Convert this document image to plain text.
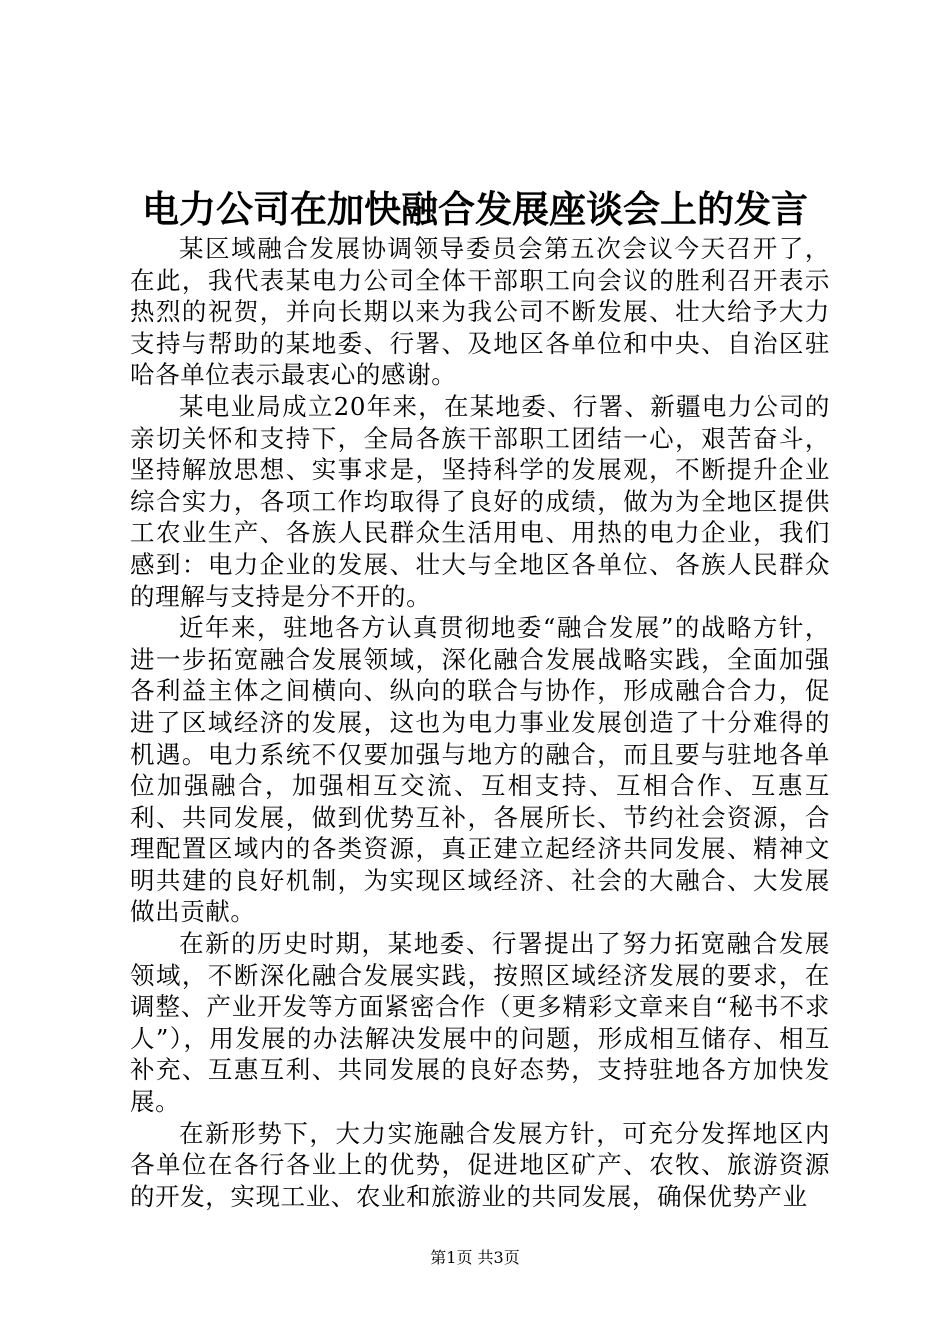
电力公司在加快融合发展座谈会上的发言

某区域融合发展协调领导委员会第五次会议今天召开了，在此，我代表某电力公司全体干部职工向会议的胜利召开表示热烈的祝贺，并向长期以来为我公司不断发展、壮大给予大力支持与帮助的某地委、行署、及地区各单位和中央、自治区驻哈各单位表示最衷心的感谢。

某电业局成立20年来，在某地委、行署、新疆电力公司的亲切关怀和支持下，全局各族干部职工团结一心，艰苦奋斗，坚持解放思想、实事求是，坚持科学的发展观，不断提升企业综合实力，各项工作均取得了良好的成绩，做为为全地区提供工农业生产、各族人民群众生活用电、用热的电力企业，我们感到：电力企业的发展、壮大与全地区各单位、各族人民群众的理解与支持是分不开的。

近年来，驻地各方认真贯彻地委“融合发展”的战略方针，进一步拓宽融合发展领域，深化融合发展战略实践，全面加强各利益主体之间横向、纵向的联合与协作，形成融合合力，促进了区域经济的发展，这也为电力事业发展创造了十分难得的机遇。电力系统不仅要加强与地方的融合，而且要与驻地各单位加强融合，加强相互交流、互相支持、互相合作、互惠互利、共同发展，做到优势互补，各展所长、节约社会资源，合理配置区域内的各类资源，真正建立起经济共同发展、精神文明共建的良好机制，为实现区域经济、社会的大融合、大发展做出贡献。

在新的历史时期，某地委、行署提出了努力拓宽融合发展领域，不断深化融合发展实践，按照区域经济发展的要求，在调整、产业开发等方面紧密合作（更多精彩文章来自“秘书不求人”），用发展的办法解决发展中的问题，形成相互储存、相互补充、互惠互利、共同发展的良好态势，支持驻地各方加快发展。

在新形势下，大力实施融合发展方针，可充分发挥地区内各单位在各行各业上的优势，促进地区矿产、农牧、旅游资源的开发，实现工业、农业和旅游业的共同发展，确保优势产业

第1页 共3页
